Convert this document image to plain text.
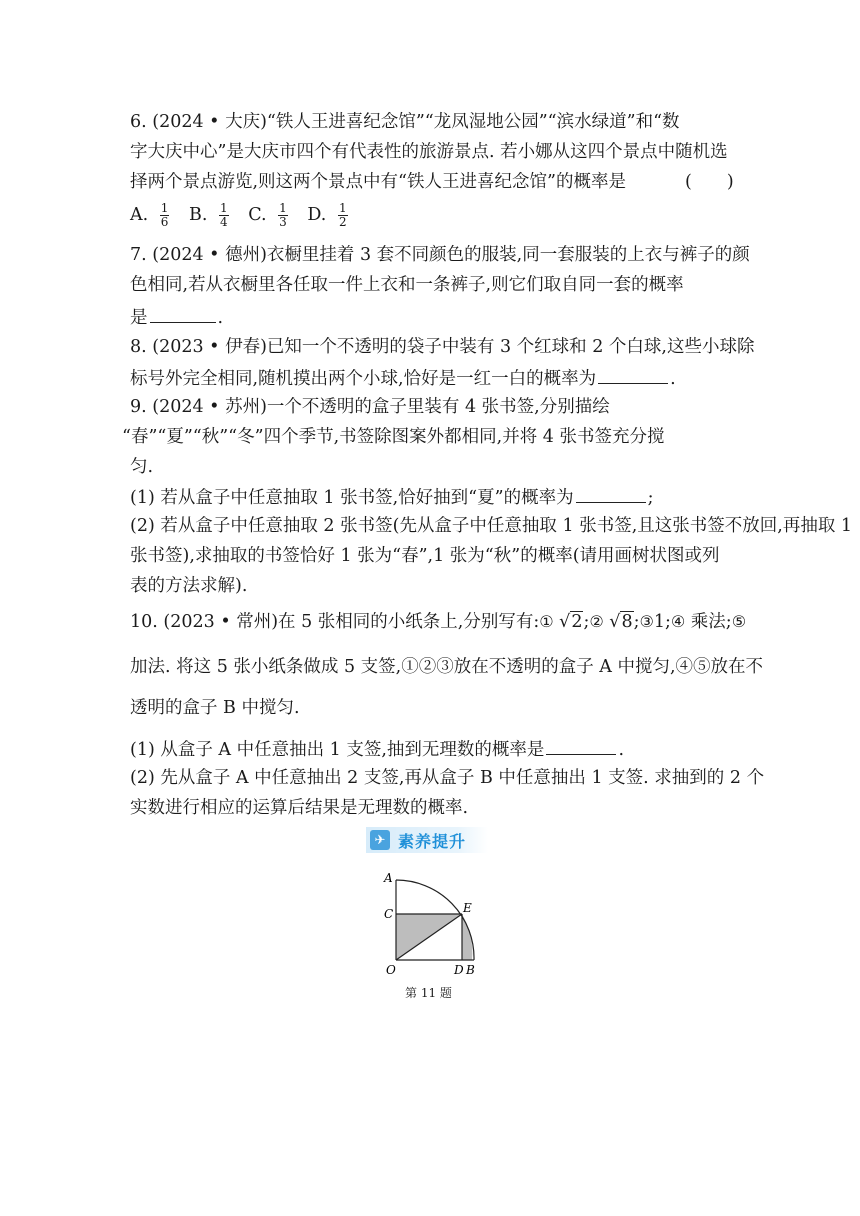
6. (2024 • 大庆)“铁人王进喜纪念馆”“龙凤湿地公园”“滨水绿道”和“数
字大庆中心”是大庆市四个有代表性的旅游景点. 若小娜从这四个景点中随机选
择两个景点游览,则这两个景点中有“铁人王进喜纪念馆”的概率是	(　　)
A. $\frac{1}{6} B$. $\frac{1}{4} C$. $\frac{1}{3} D$. $\frac{1}{2}$
7. (2024 • 德州)衣橱里挂着 3 套不同颜色的服装,同一套服装的上衣与裤子的颜
色相同,若从衣橱里各任取一件上衣和一条裤子,则它们取自同一套的概率
是	.
8. (2023 • 伊春)已知一个不透明的袋子中装有 3 个红球和 2 个白球,这些小球除
标号外完全相同,随机摸出两个小球,恰好是一红一白的概率为	.
9. (2024 • 苏州)一个不透明的盒子里装有 4 张书签,分别描绘
“春”“夏”“秋”“冬”四个季节,书签除图案外都相同,并将 4 张书签充分搅
匀.
(1) 若从盒子中任意抽取 1 张书签,恰好抽到“夏”的概率为	;
(2) 若从盒子中任意抽取 2 张书签(先从盒子中任意抽取 1 张书签,且这张书签不放回,再抽取 1
张书签),求抽取的书签恰好 1 张为“春”,1 张为“秋”的概率(请用画树状图或列
表的方法求解).
10. (2023 • 常州)在 5 张相同的小纸条上,分别写有:① √2;② √8;③1;④ 乘法;⑤
加法. 将这 5 张小纸条做成 5 支签,①②③放在不透明的盒子 A 中搅匀,④⑤放在不
透明的盒子 B 中搅匀.
(1) 从盒子 A 中任意抽出 1 支签,抽到无理数的概率是	.
(2) 先从盒子 A 中任意抽出 2 支签,再从盒子 B 中任意抽出 1 支签. 求抽到的 2 个
实数进行相应的运算后结果是无理数的概率.
✈ 素养提升
A
C	E
O	D B
第 11 题
